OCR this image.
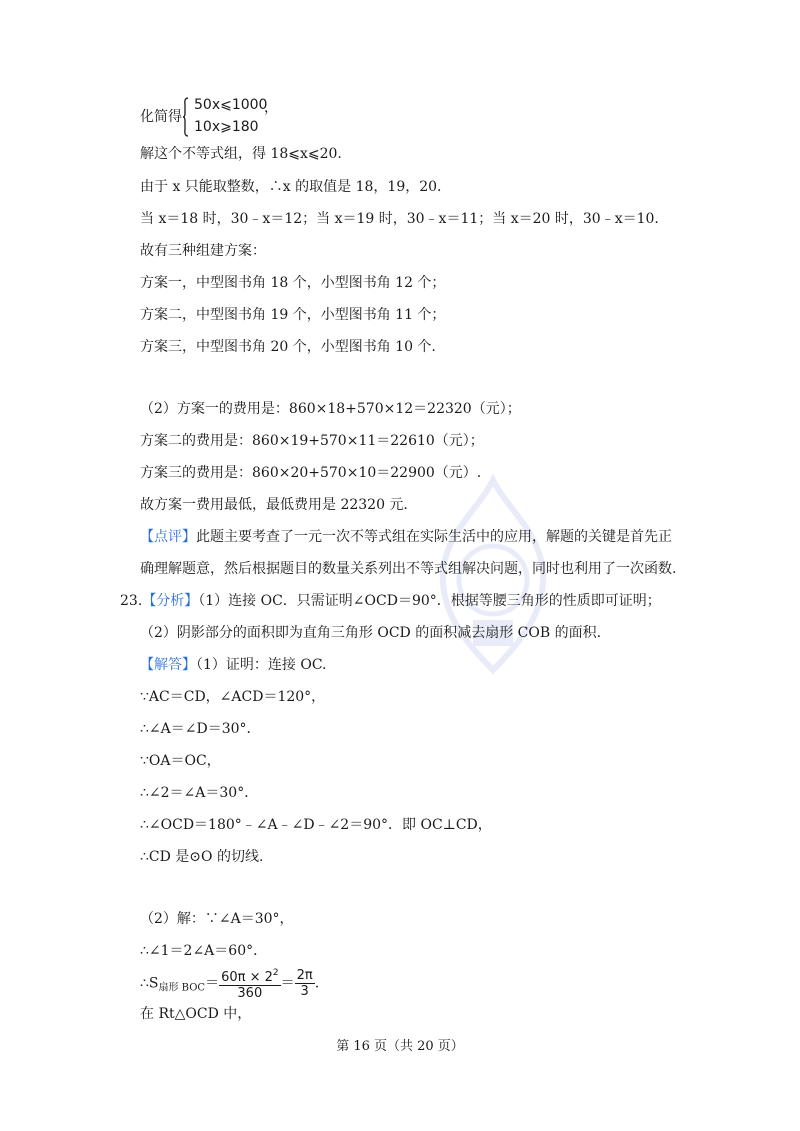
化简得
50x⩽1000
10x⩾180
，
解这个不等式组，得 18⩽x⩽20.
由于 x 只能取整数，∴x 的取值是 18，19，20.
当 x＝18 时，30﹣x＝12；当 x＝19 时，30﹣x＝11；当 x＝20 时，30﹣x＝10.
故有三种组建方案：
方案一，中型图书角 18 个，小型图书角 12 个；
方案二，中型图书角 19 个，小型图书角 11 个；
方案三，中型图书角 20 个，小型图书角 10 个.
（2）方案一的费用是：860×18+570×12＝22320（元）；
方案二的费用是：860×19+570×11＝22610（元）；
方案三的费用是：860×20+570×10＝22900（元）.
故方案一费用最低，最低费用是 22320 元.
【点评】此题主要考查了一元一次不等式组在实际生活中的应用，解题的关键是首先正
确理解题意，然后根据题目的数量关系列出不等式组解决问题，同时也利用了一次函数.
23.【分析】（1）连接 OC．只需证明∠OCD＝90°．根据等腰三角形的性质即可证明；
（2）阴影部分的面积即为直角三角形 OCD 的面积减去扇形 COB 的面积.
【解答】（1）证明：连接 OC.
∵AC＝CD，∠ACD＝120°，
∴∠A＝∠D＝30°．
∵OA＝OC，
∴∠2＝∠A＝30°．
∴∠OCD＝180°﹣∠A﹣∠D﹣∠2＝90°．即 OC⊥CD，
∴CD 是⊙O 的切线.
（2）解：∵∠A＝30°，
∴∠1＝2∠A＝60°．
$\therefore S_{扇形 BOC}= \frac{60\pi \times 2^2}{360} = \frac{2\pi}{3}$ .
在 Rt△OCD 中，
第 16 页（共 20 页）
